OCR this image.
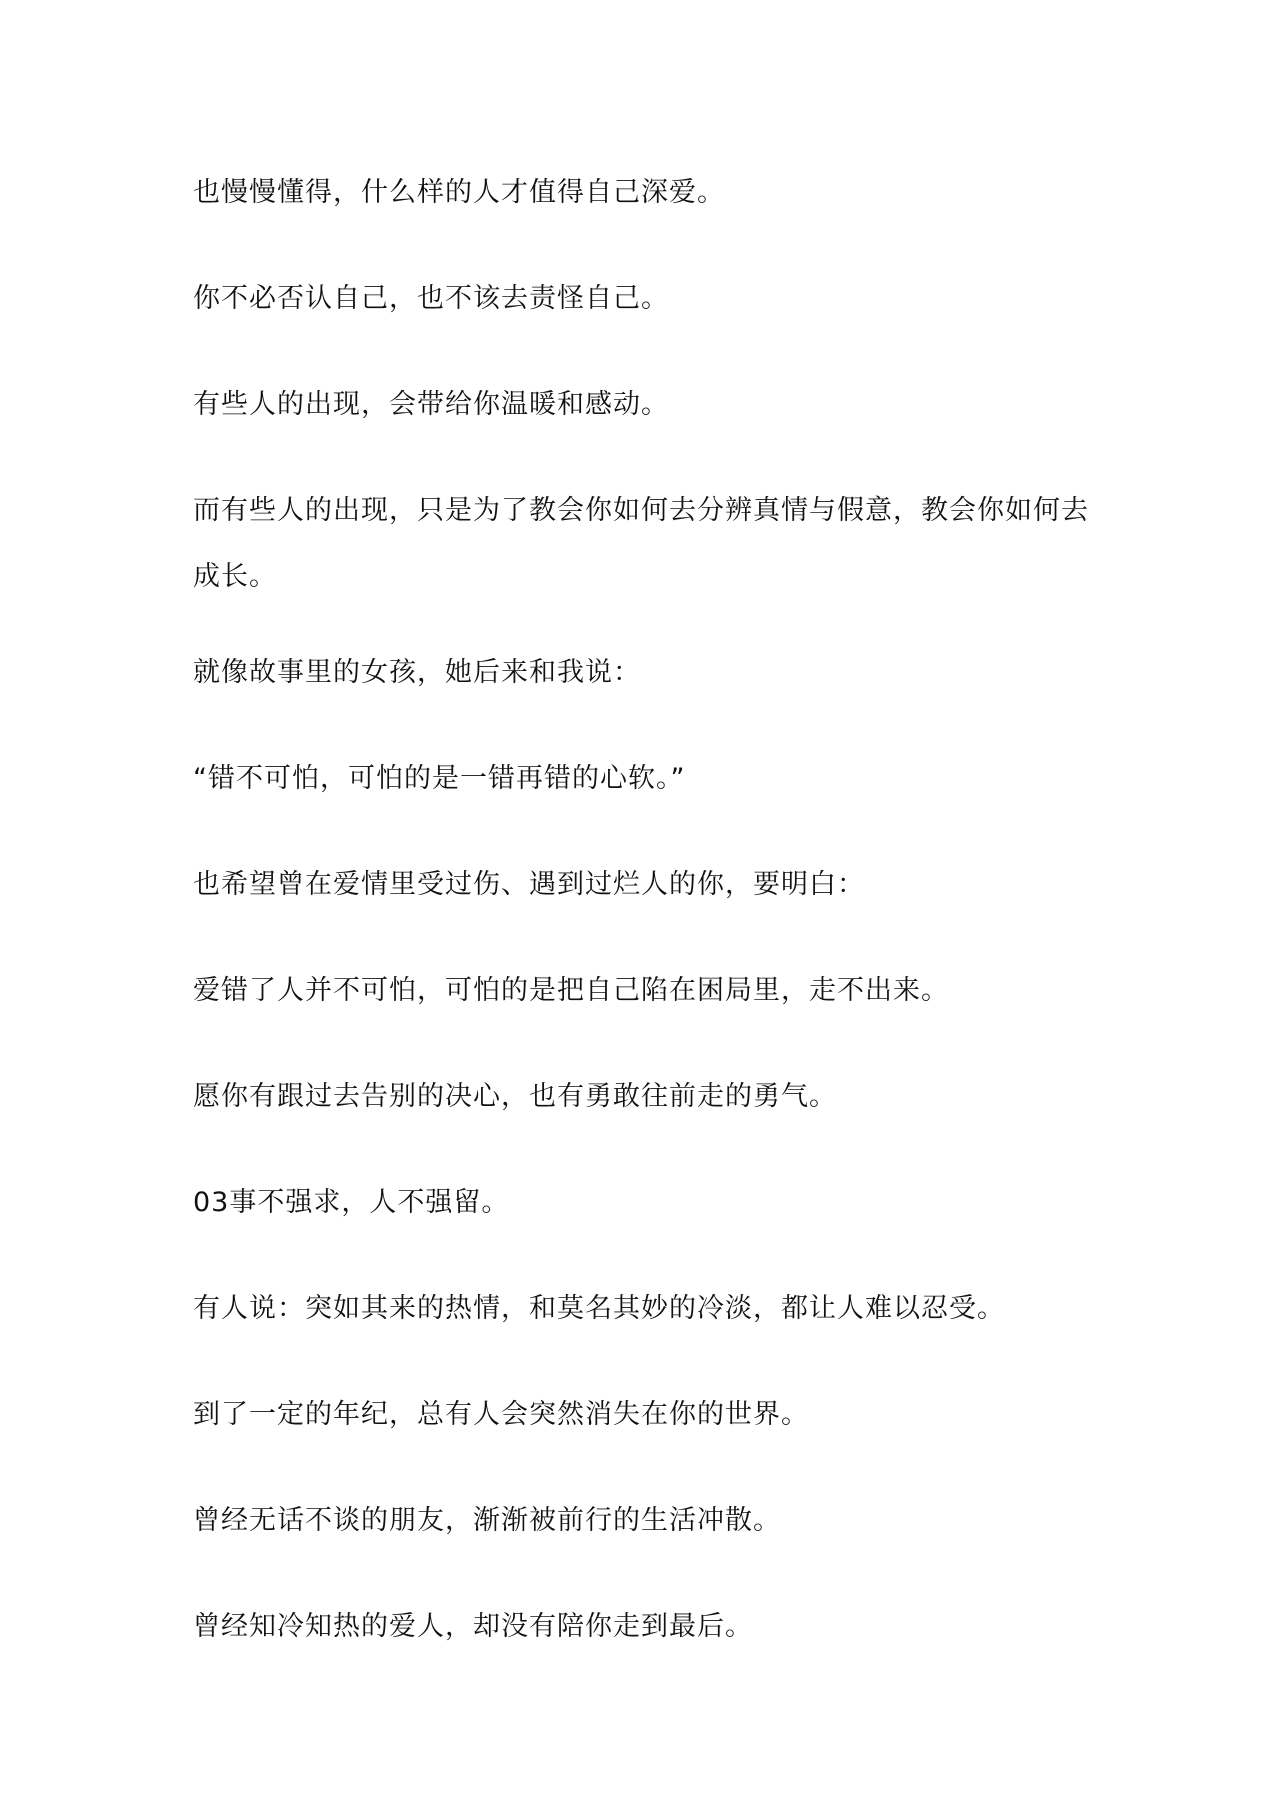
也慢慢懂得，什么样的人才值得自己深爱。

你不必否认自己，也不该去责怪自己。

有些人的出现，会带给你温暖和感动。

而有些人的出现，只是为了教会你如何去分辨真情与假意，教会你如何去成长。

就像故事里的女孩，她后来和我说：

“错不可怕，可怕的是一错再错的心软。”

也希望曾在爱情里受过伤、遇到过烂人的你，要明白：

爱错了人并不可怕，可怕的是把自己陷在困局里，走不出来。

愿你有跟过去告别的决心，也有勇敢往前走的勇气。

03事不强求，人不强留。

有人说：突如其来的热情，和莫名其妙的冷淡，都让人难以忍受。

到了一定的年纪，总有人会突然消失在你的世界。

曾经无话不谈的朋友，渐渐被前行的生活冲散。

曾经知冷知热的爱人，却没有陪你走到最后。
